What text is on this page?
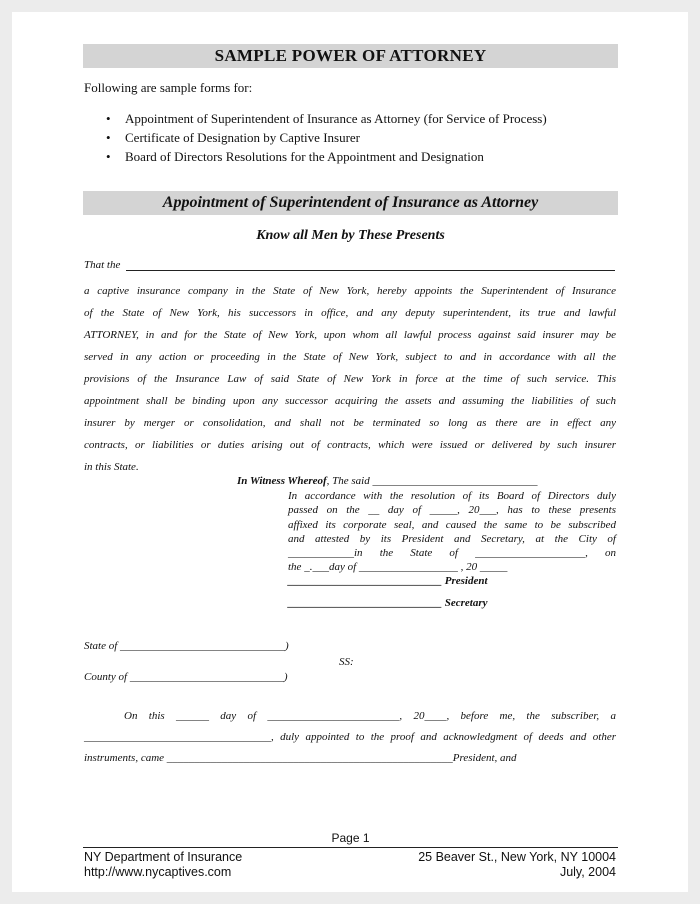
SAMPLE POWER OF ATTORNEY
Following are sample forms for:
• Appointment of Superintendent of Insurance as Attorney (for Service of Process)
• Certificate of Designation by Captive Insurer
• Board of Directors Resolutions for the Appointment and Designation
Appointment of Superintendent of Insurance as Attorney
Know all Men by These Presents
That the
a captive insurance company in the State of New York, hereby appoints the Superintendent of Insurance
of the State of New York, his successors in office, and any deputy superintendent, its true and lawful
ATTORNEY, in and for the State of New York, upon whom all lawful process against said insurer may be
served in any action or proceeding in the State of New York, subject to and in accordance with all the
provisions of the Insurance Law of said State of New York in force at the time of such service. This
appointment shall be binding upon any successor acquiring the assets and assuming the liabilities of such
insurer by merger or consolidation, and shall not be terminated so long as there are in effect any
contracts, or liabilities or duties arising out of contracts, which were issued or delivered by such insurer
in this State.
In Witness Whereof, The said ______________________________
In accordance with the resolution of its Board of Directors duly
passed on the __ day of _____, 20___, has to these presents
affixed its corporate seal, and caused the same to be subscribed
and attested by its President and Secretary, at the City of
____________in the State of ____________________, on
the _.___day of __________________ , 20 _____
____________________________ President
____________________________ Secretary
State of ______________________________)
SS:
County of ____________________________)
On this ______ day of ________________________, 20____, before me, the subscriber, a
__________________________________, duly appointed to the proof and acknowledgment of deeds and other
instruments, came ____________________________________________________President, and
Page 1
NY Department of Insurance
http://www.nycaptives.com
25 Beaver St., New York, NY 10004
July, 2004
